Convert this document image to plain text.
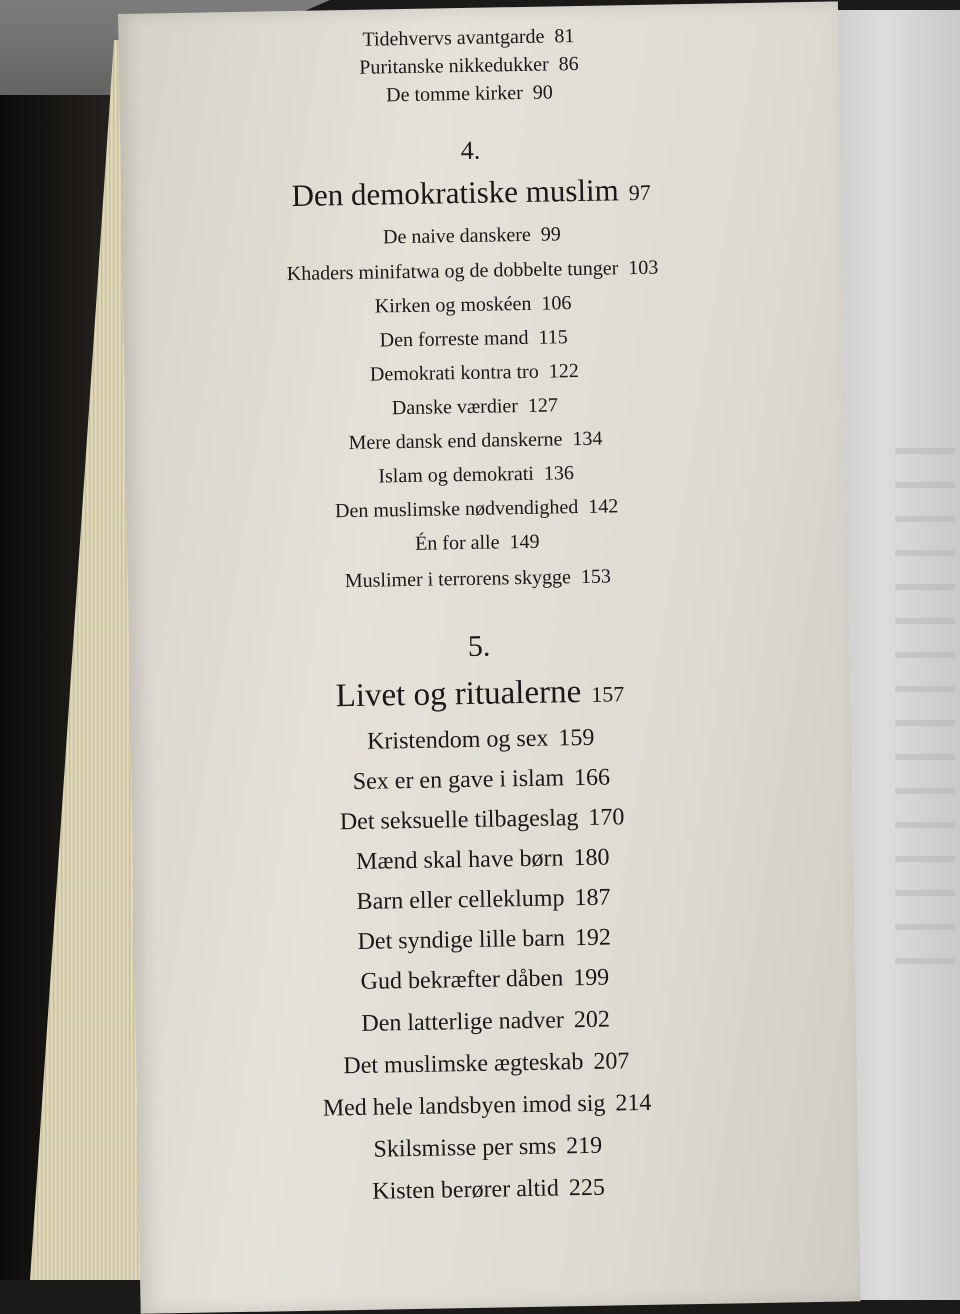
Tidehvervs avantgarde 81
Puritanske nikkedukker 86
De tomme kirker 90
4.
Den demokratiske muslim 97
De naive danskere 99
Khaders minifatwa og de dobbelte tunger 103
Kirken og moskéen 106
Den forreste mand 115
Demokrati kontra tro 122
Danske værdier 127
Mere dansk end danskerne 134
Islam og demokrati 136
Den muslimske nødvendighed 142
Én for alle 149
Muslimer i terrorens skygge 153
5.
Livet og ritualerne 157
Kristendom og sex 159
Sex er en gave i islam 166
Det seksuelle tilbageslag 170
Mænd skal have børn 180
Barn eller celleklump 187
Det syndige lille barn 192
Gud bekræfter dåben 199
Den latterlige nadver 202
Det muslimske ægteskab 207
Med hele landsbyen imod sig 214
Skilsmisse per sms 219
Kisten berører altid 225
